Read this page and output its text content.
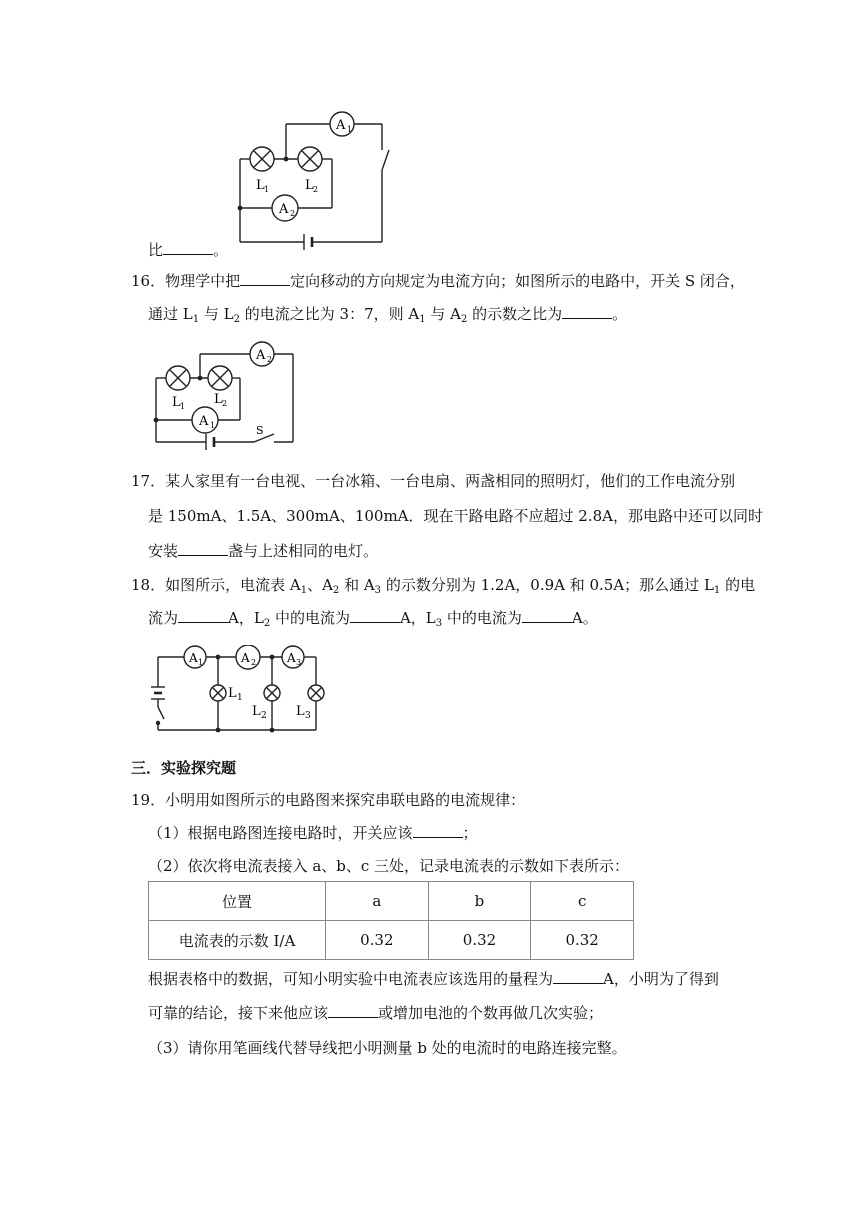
A 1
A 2
L 1	L 2
比	。
16．物理学中把	定向移动的方向规定为电流方向；如图所示的电路中，开关 S 闭合，
通过 $L_1$ 与 $L_2$ 的电流之比为 3：7，则 $A_1$ 与 $A_2$ 的示数之比为	。
A 2
A 1
L 1 L 2
S
17．某人家里有一台电视、一台冰箱、一台电扇、两盏相同的照明灯，他们的工作电流分别
是 150mA、1.5A、300mA、100mA．现在干路电路不应超过 2.8A，那电路中还可以同时
安装	盏与上述相同的电灯。
18．如图所示，电流表 $A_1$、$A_2$ 和 $A_3$ 的示数分别为 1.2A，0.9A 和 0.5A；那么通过 $L_1$ 的电
流为	A，$L_2$ 中的电流为	A，$L_3$ 中的电流为	A。
A 1	A 2	A 3
L 1
L 2 L 3
三．实验探究题
19．小明用如图所示的电路图来探究串联电路的电流规律：
（1）根据电路图连接电路时，开关应该	；
（2）依次将电流表接入 a、b、c 三处，记录电流表的示数如下表所示：
位置	a	b	c
电流表的示数 I/A	0.32	0.32	0.32
根据表格中的数据，可知小明实验中电流表应该选用的量程为	A，小明为了得到
可靠的结论，接下来他应该	或增加电池的个数再做几次实验；
（3）请你用笔画线代替导线把小明测量 b 处的电流时的电路连接完整。
